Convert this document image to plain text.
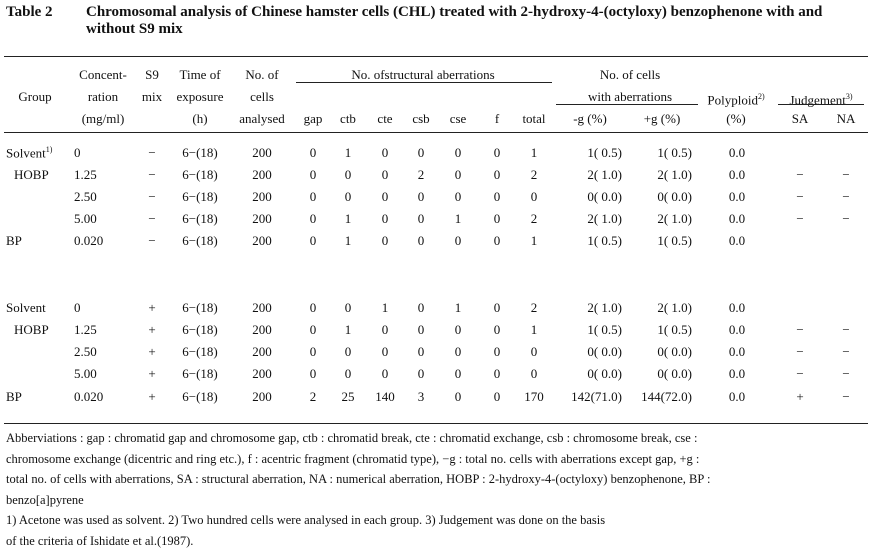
Table 2 Chromosomal analysis of Chinese hamster cells (CHL) treated with 2-hydroxy-4-(octyloxy) benzophenone with and without S9 mix
Group
Concent-
ration
(mg/ml)
S9
mix
Time of
exposure
(h)
No. of
cells
analysed
No. ofstructural aberrations
gap	ctb	cte	csb	cse	f	total
No. of cells
with aberrations
-g (%)	+g (%)
Polyploid$^{2)}$
(%)
Judgement$^{3)}$
SA	NA
Solvent$^{1)}$ 0	−	6−(18)	200	0	1	0	0	0	0	1	1( 0.5)	1( 0.5)	0.0
HOBP 1.25	−	6−(18)	200	0	0	0	2	0	0	2	2( 1.0)	2( 1.0)	0.0	−	−
2.50	−	6−(18)	200	0	0	0	0	0	0	0	0( 0.0)	0( 0.0)	0.0	−	−
5.00	−	6−(18)	200	0	1	0	0	1	0	2	2( 1.0)	2( 1.0)	0.0	−	−
BP	0.020	−	6−(18)	200	0	1	0	0	0	0	1	1( 0.5)	1( 0.5)	0.0
Solvent 0	+	6−(18)	200	0	0	1	0	1	0	2	2( 1.0)	2( 1.0)	0.0
HOBP 1.25	+	6−(18)	200	0	1	0	0	0	0	1	1( 0.5)	1( 0.5)	0.0	−	−
2.50	+	6−(18)	200	0	0	0	0	0	0	0	0( 0.0)	0( 0.0)	0.0	−	−
5.00	+	6−(18)	200	0	0	0	0	0	0	0	0( 0.0)	0( 0.0)	0.0	−	−
BP	0.020	+	6−(18)	200	2	25	140	3	0	0	170	142(71.0)	144(72.0)	0.0	+	−
Abberviations : gap : chromatid gap and chromosome gap, ctb : chromatid break, cte : chromatid exchange, csb : chromosome break, cse :
chromosome exchange (dicentric and ring etc.), f : acentric fragment (chromatid type), −g : total no. cells with aberrations except gap, +g :
total no. of cells with aberrations, SA : structural aberration, NA : numerical aberration, HOBP : 2-hydroxy-4-(octyloxy) benzophenone, BP :
benzo[a]pyrene
1) Acetone was used as solvent. 2) Two hundred cells were analysed in each group. 3) Judgement was done on the basis
of the criteria of Ishidate et al.(1987).
